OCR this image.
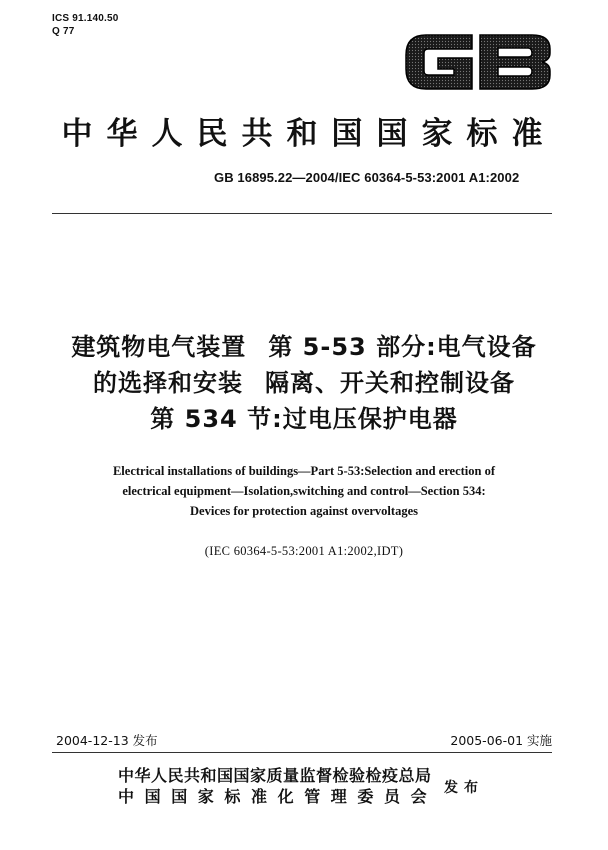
ICS 91.140.50
Q 77
中华人民共和国国家标准
GB 16895.22—2004/IEC 60364-5-53:2001 A1:2002
建筑物电气装置 第 5-53 部分:电气设备
的选择和安装 隔离、开关和控制设备
第 534 节:过电压保护电器
Electrical installations of buildings—Part 5-53:Selection and erection of
electrical equipment—Isolation,switching and control—Section 534:
Devices for protection against overvoltages
(IEC 60364-5-53:2001 A1:2002,IDT)
2004-12-13 发布	2005-06-01 实施
中华人民共和国国家质量监督检验检疫总局
中国国家标准化管理委员会 发布
